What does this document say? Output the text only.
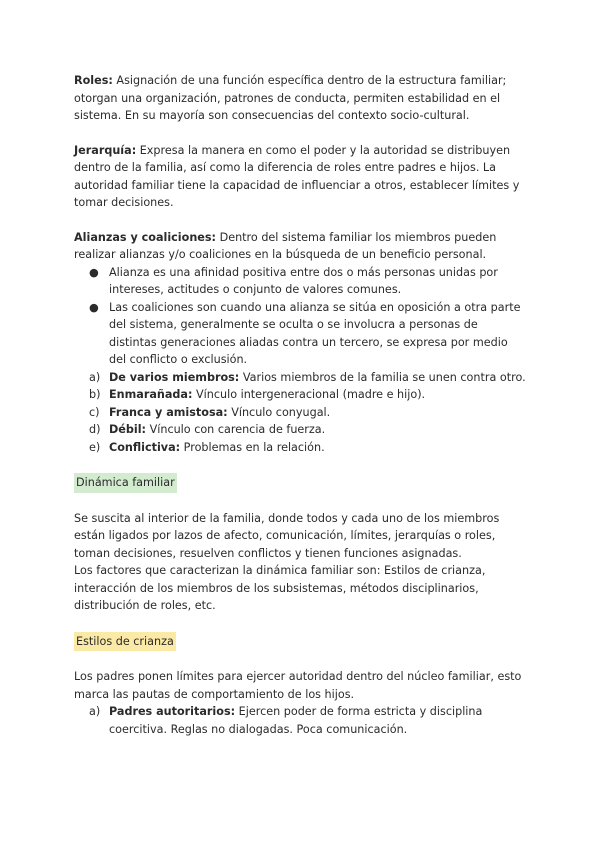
Roles: Asignación de una función específica dentro de la estructura familiar; otorgan una organización, patrones de conducta, permiten estabilidad en el sistema. En su mayoría son consecuencias del contexto socio-cultural.

Jerarquía: Expresa la manera en como el poder y la autoridad se distribuyen dentro de la familia, así como la diferencia de roles entre padres e hijos. La autoridad familiar tiene la capacidad de influenciar a otros, establecer límites y tomar decisiones.

Alianzas y coaliciones: Dentro del sistema familiar los miembros pueden realizar alianzas y/o coaliciones en la búsqueda de un beneficio personal.

● Alianza es una afinidad positiva entre dos o más personas unidas por intereses, actitudes o conjunto de valores comunes.
● Las coaliciones son cuando una alianza se sitúa en oposición a otra parte del sistema, generalmente se oculta o se involucra a personas de distintas generaciones aliadas contra un tercero, se expresa por medio del conflicto o exclusión.
a) De varios miembros: Varios miembros de la familia se unen contra otro.
b) Enmarañada: Vínculo intergeneracional (madre e hijo).
c) Franca y amistosa: Vínculo conyugal.
d) Débil: Vínculo con carencia de fuerza.
e) Conflictiva: Problemas en la relación.

Dinámica familiar

Se suscita al interior de la familia, donde todos y cada uno de los miembros están ligados por lazos de afecto, comunicación, límites, jerarquías o roles, toman decisiones, resuelven conflictos y tienen funciones asignadas.

Los factores que caracterizan la dinámica familiar son: Estilos de crianza, interacción de los miembros de los subsistemas, métodos disciplinarios, distribución de roles, etc.

Estilos de crianza

Los padres ponen límites para ejercer autoridad dentro del núcleo familiar, esto marca las pautas de comportamiento de los hijos.

a) Padres autoritarios: Ejercen poder de forma estricta y disciplina coercitiva. Reglas no dialogadas. Poca comunicación.
